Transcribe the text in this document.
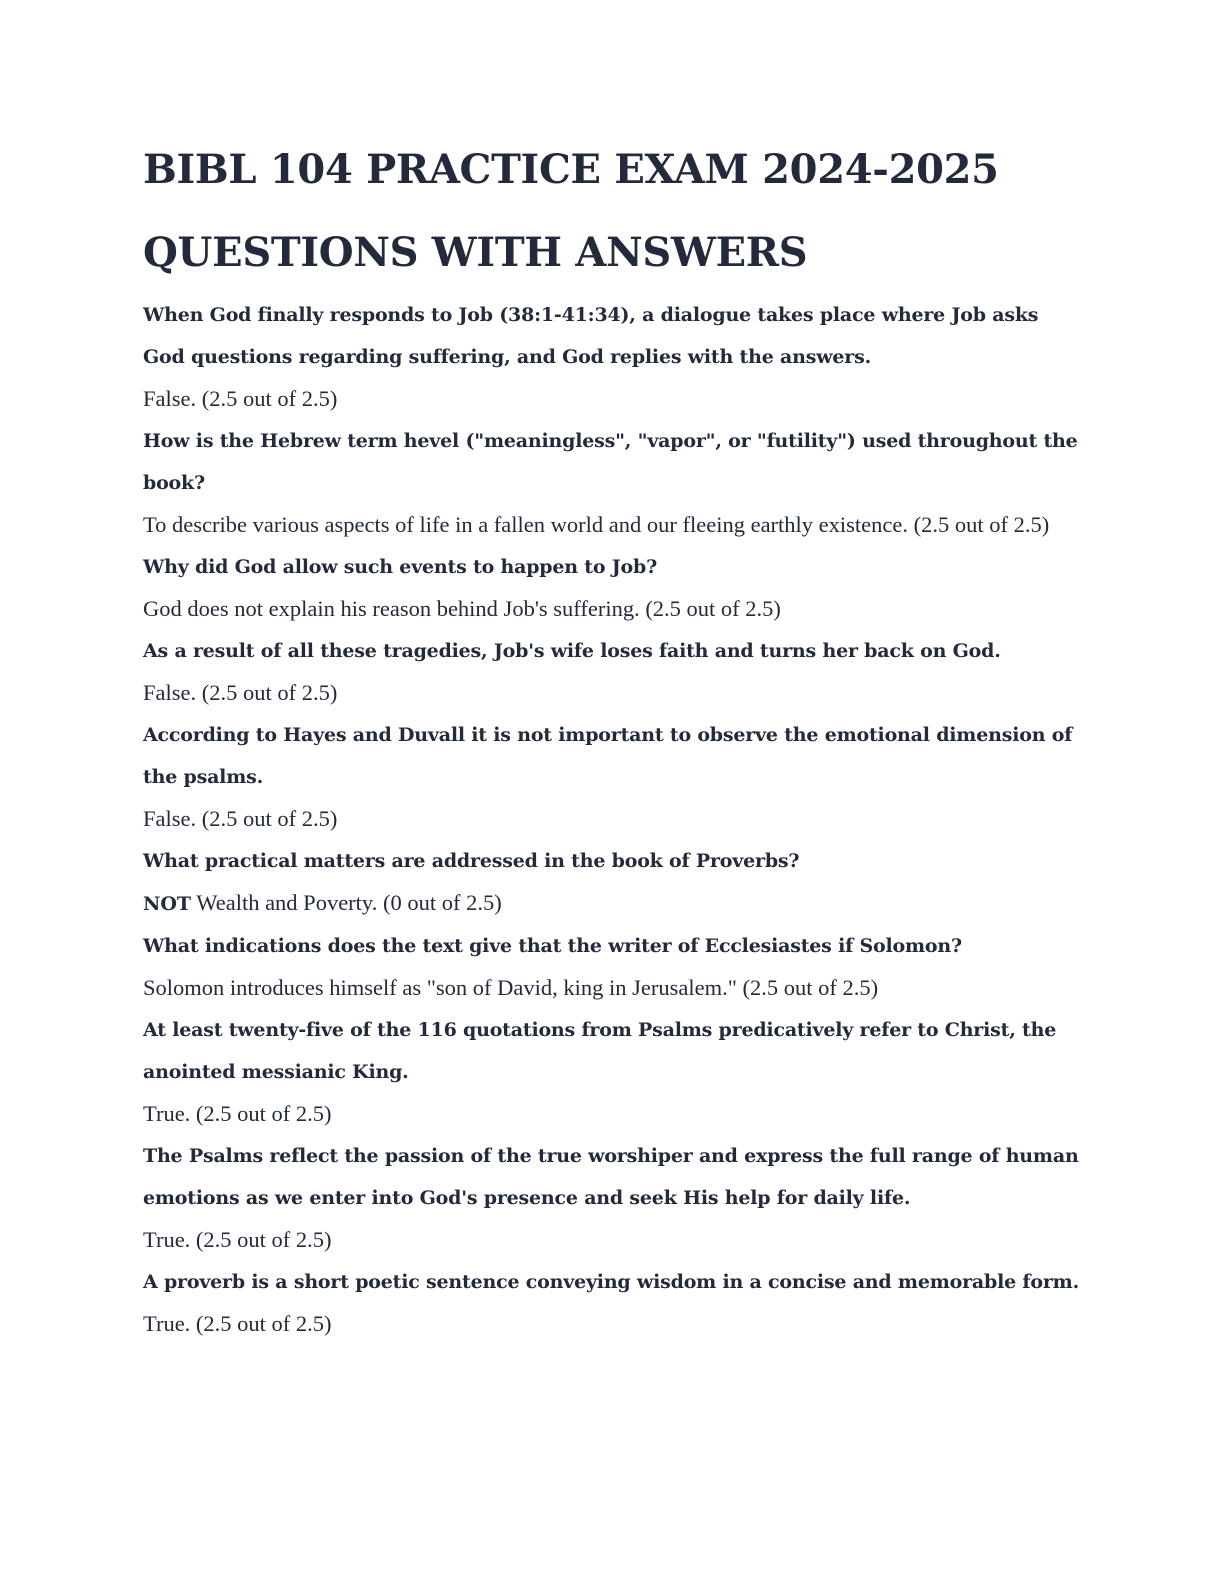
BIBL 104 PRACTICE EXAM 2024-2025 QUESTIONS WITH ANSWERS

When God finally responds to Job (38:1-41:34), a dialogue takes place where Job asks God questions regarding suffering, and God replies with the answers.

False. (2.5 out of 2.5)

How is the Hebrew term hevel ("meaningless", "vapor", or "futility") used throughout the book?

To describe various aspects of life in a fallen world and our fleeing earthly existence. (2.5 out of 2.5)

Why did God allow such events to happen to Job?

God does not explain his reason behind Job's suffering. (2.5 out of 2.5)

As a result of all these tragedies, Job's wife loses faith and turns her back on God.

False. (2.5 out of 2.5)

According to Hayes and Duvall it is not important to observe the emotional dimension of the psalms.

False. (2.5 out of 2.5)

What practical matters are addressed in the book of Proverbs?

NOT Wealth and Poverty. (0 out of 2.5)

What indications does the text give that the writer of Ecclesiastes if Solomon?

Solomon introduces himself as "son of David, king in Jerusalem." (2.5 out of 2.5)

At least twenty-five of the 116 quotations from Psalms predicatively refer to Christ, the anointed messianic King.

True. (2.5 out of 2.5)

The Psalms reflect the passion of the true worshiper and express the full range of human emotions as we enter into God's presence and seek His help for daily life.

True. (2.5 out of 2.5)

A proverb is a short poetic sentence conveying wisdom in a concise and memorable form.

True. (2.5 out of 2.5)
